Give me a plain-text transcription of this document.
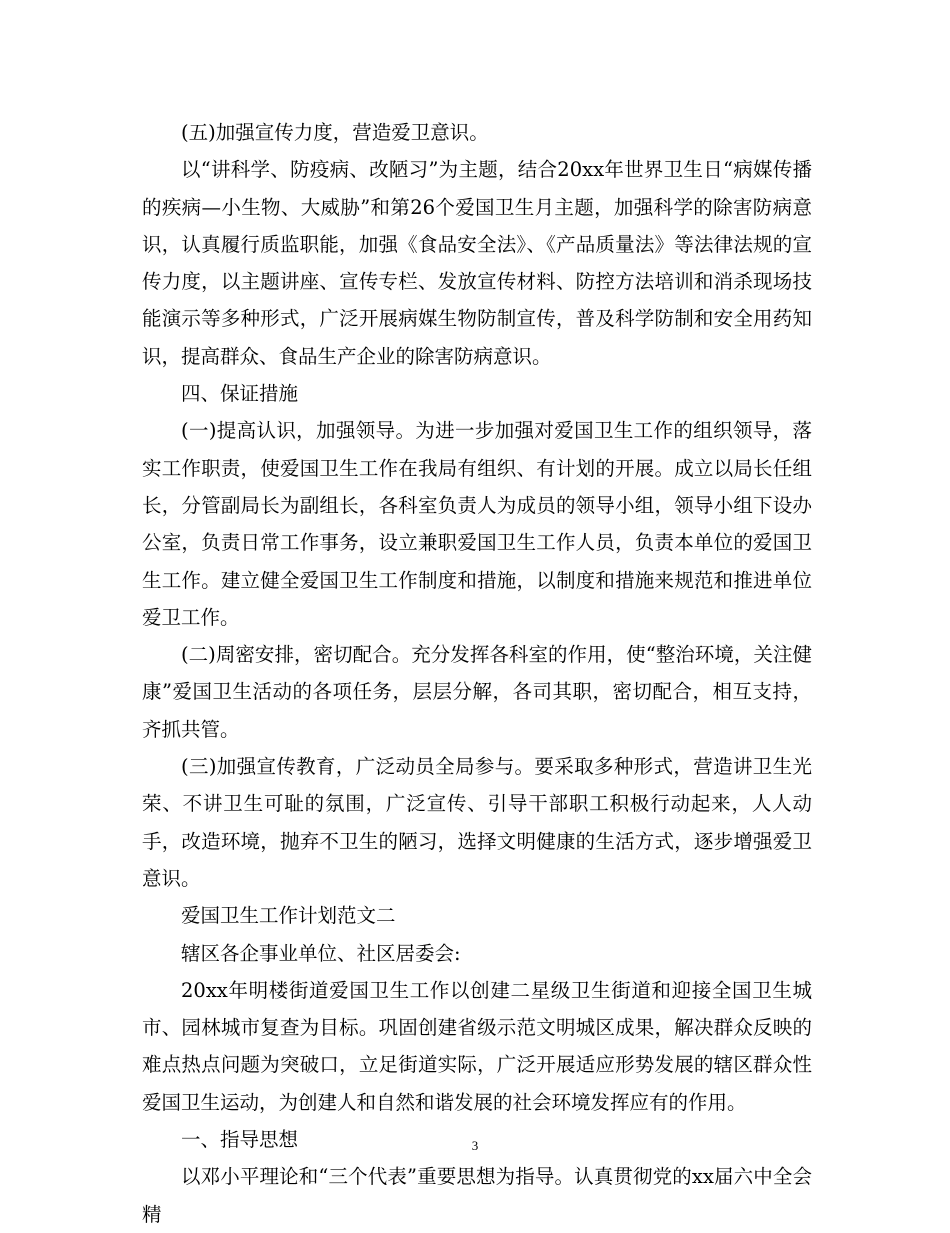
(五)加强宣传力度，营造爱卫意识。

以“讲科学、防疫病、改陋习”为主题，结合20xx年世界卫生日“病媒传播的疾病—小生物、大威胁”和第26个爱国卫生月主题，加强科学的除害防病意识，认真履行质监职能，加强《食品安全法》、《产品质量法》等法律法规的宣传力度，以主题讲座、宣传专栏、发放宣传材料、防控方法培训和消杀现场技能演示等多种形式，广泛开展病媒生物防制宣传，普及科学防制和安全用药知识，提高群众、食品生产企业的除害防病意识。

四、保证措施

(一)提高认识，加强领导。为进一步加强对爱国卫生工作的组织领导，落实工作职责，使爱国卫生工作在我局有组织、有计划的开展。成立以局长任组长，分管副局长为副组长，各科室负责人为成员的领导小组，领导小组下设办公室，负责日常工作事务，设立兼职爱国卫生工作人员，负责本单位的爱国卫生工作。建立健全爱国卫生工作制度和措施，以制度和措施来规范和推进单位爱卫工作。

(二)周密安排，密切配合。充分发挥各科室的作用，使“整治环境，关注健康”爱国卫生活动的各项任务，层层分解，各司其职，密切配合，相互支持，齐抓共管。

(三)加强宣传教育，广泛动员全局参与。要采取多种形式，营造讲卫生光荣、不讲卫生可耻的氛围，广泛宣传、引导干部职工积极行动起来，人人动手，改造环境，抛弃不卫生的陋习，选择文明健康的生活方式，逐步增强爱卫意识。

爱国卫生工作计划范文二

辖区各企事业单位、社区居委会:

20xx年明楼街道爱国卫生工作以创建二星级卫生街道和迎接全国卫生城市、园林城市复查为目标。巩固创建省级示范文明城区成果，解决群众反映的难点热点问题为突破口，立足街道实际，广泛开展适应形势发展的辖区群众性爱国卫生运动，为创建人和自然和谐发展的社会环境发挥应有的作用。

一、指导思想

以邓小平理论和“三个代表”重要思想为指导。认真贯彻党的xx届六中全会精

3
